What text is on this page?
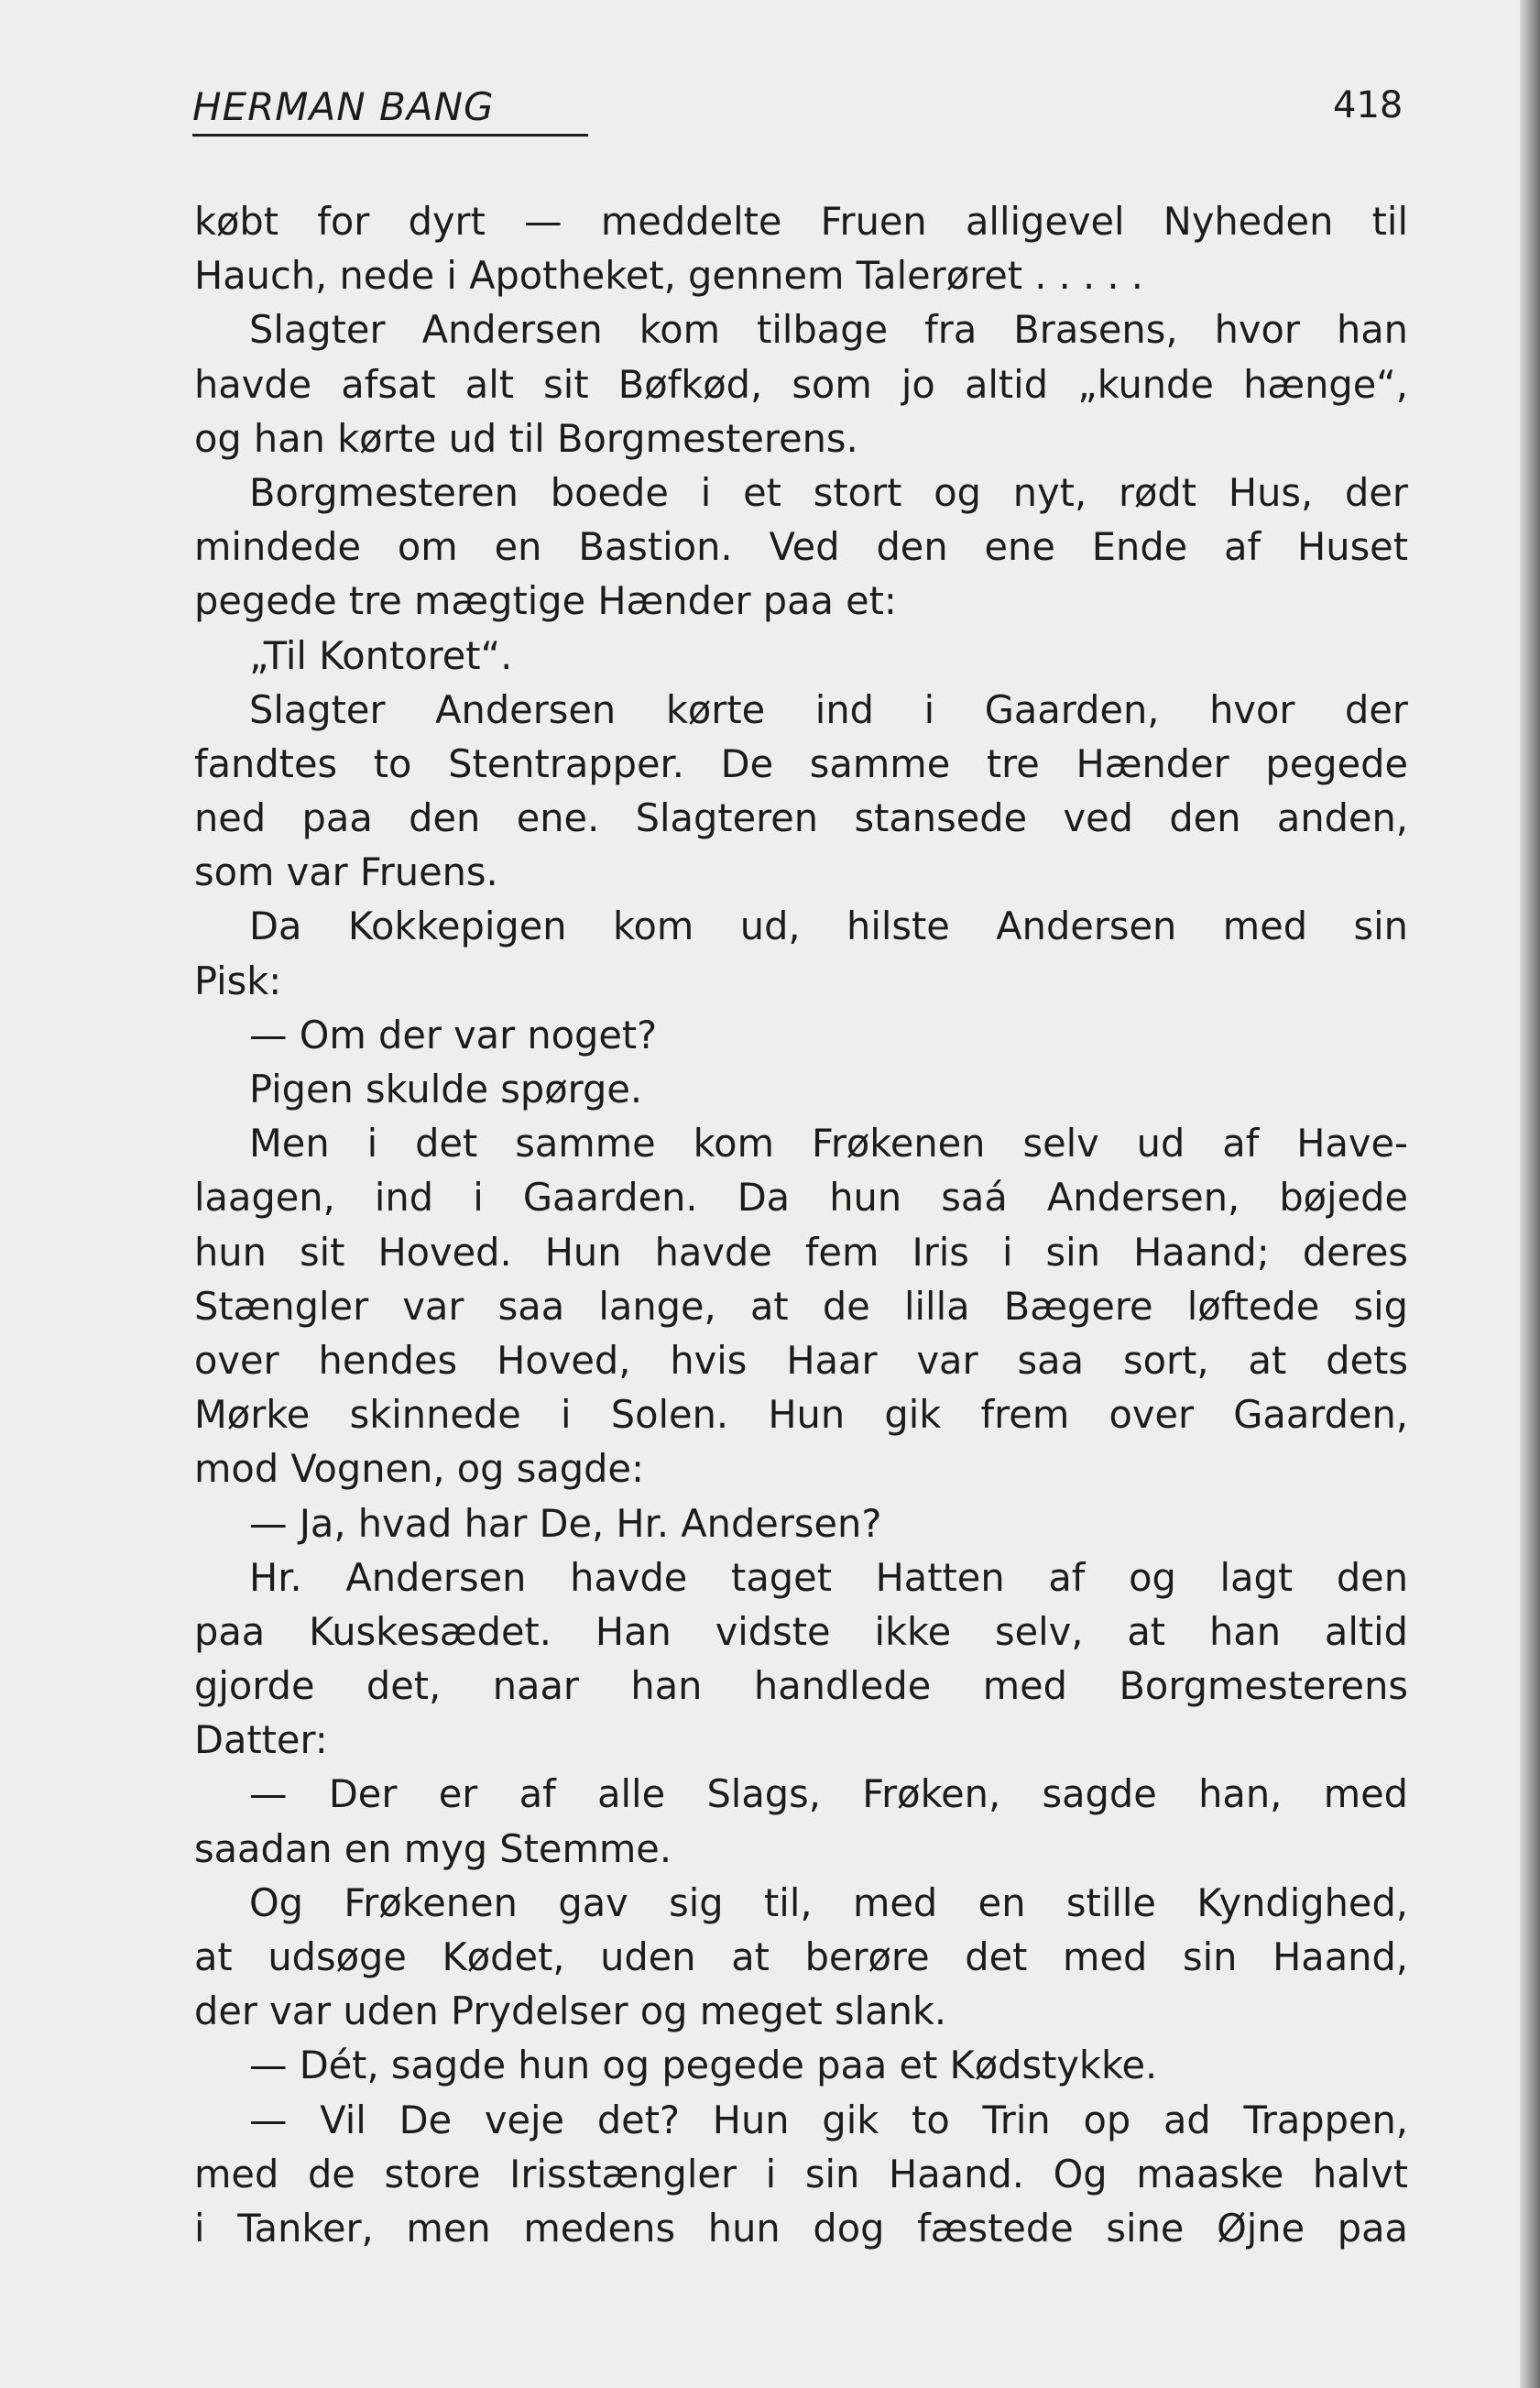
HERMAN BANG	418
købt for dyrt — meddelte Fruen alligevel Nyheden til
Hauch, nede i Apotheket, gennem Talerøret . . . . .
Slagter Andersen kom tilbage fra Brasens, hvor han
havde afsat alt sit Bøfkød, som jo altid „kunde hænge“,
og han kørte ud til Borgmesterens.
Borgmesteren boede i et stort og nyt, rødt Hus, der
mindede om en Bastion. Ved den ene Ende af Huset
pegede tre mægtige Hænder paa et:
„Til Kontoret“.
Slagter Andersen kørte ind i Gaarden, hvor der
fandtes to Stentrapper. De samme tre Hænder pegede
ned paa den ene. Slagteren stansede ved den anden,
som var Fruens.
Da Kokkepigen kom ud, hilste Andersen med sin
Pisk:
— Om der var noget?
Pigen skulde spørge.
Men i det samme kom Frøkenen selv ud af Have-
laagen, ind i Gaarden. Da hun saá Andersen, bøjede
hun sit Hoved. Hun havde fem Iris i sin Haand; deres
Stængler var saa lange, at de lilla Bægere løftede sig
over hendes Hoved, hvis Haar var saa sort, at dets
Mørke skinnede i Solen. Hun gik frem over Gaarden,
mod Vognen, og sagde:
— Ja, hvad har De, Hr. Andersen?
Hr. Andersen havde taget Hatten af og lagt den
paa Kuskesædet. Han vidste ikke selv, at han altid
gjorde det, naar han handlede med Borgmesterens
Datter:
— Der er af alle Slags, Frøken, sagde han, med
saadan en myg Stemme.
Og Frøkenen gav sig til, med en stille Kyndighed,
at udsøge Kødet, uden at berøre det med sin Haand,
der var uden Prydelser og meget slank.
— Dét, sagde hun og pegede paa et Kødstykke.
— Vil De veje det? Hun gik to Trin op ad Trappen,
med de store Irisstængler i sin Haand. Og maaske halvt
i Tanker, men medens hun dog fæstede sine Øjne paa
